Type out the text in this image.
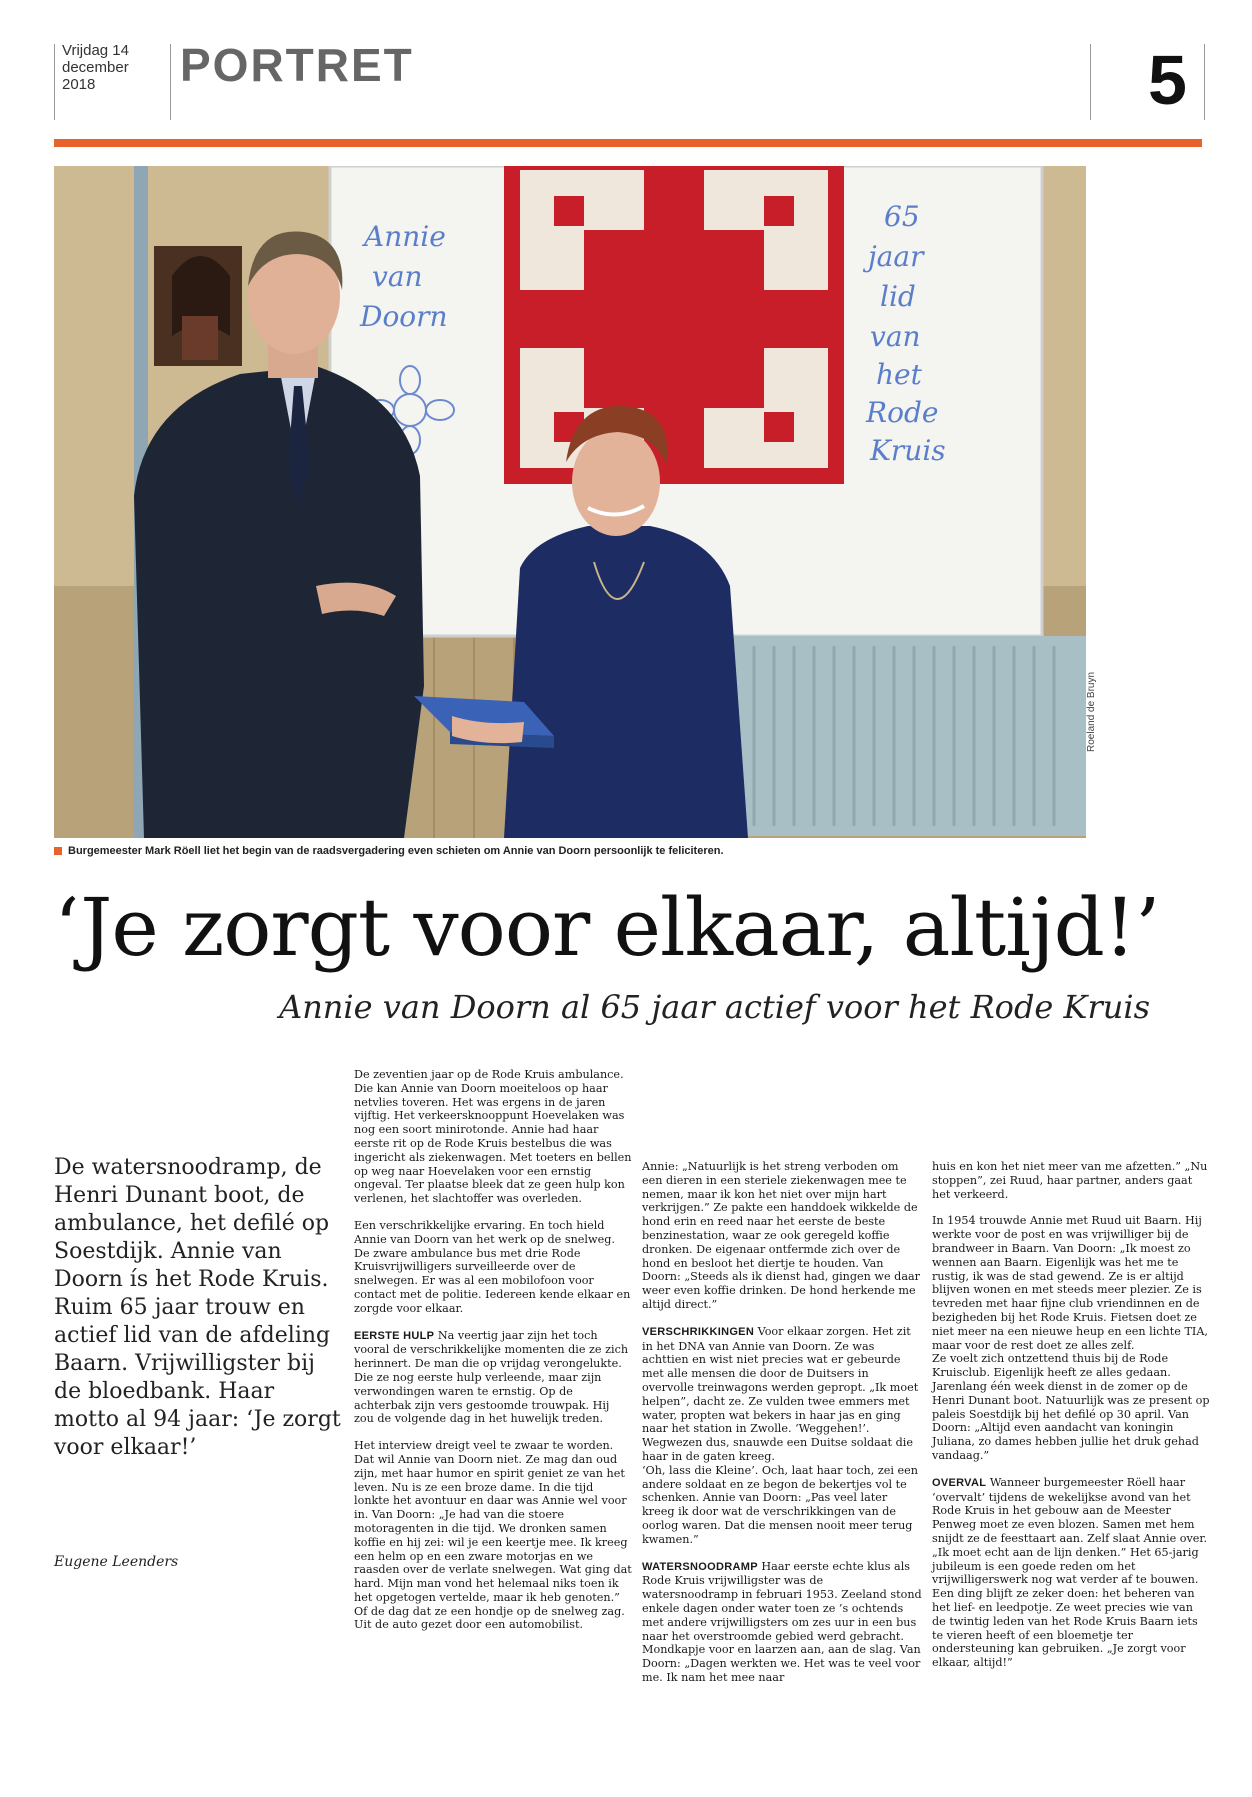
Vrijdag 14
december
2018	PORTRET	5
Annie
van
Doorn
65
jaar
lid
van
het
Rode
Kruis
Roeland de Bruyn
Burgemeester Mark Röell liet het begin van de raadsvergadering even schieten om Annie van Doorn persoonlijk te feliciteren.
‘Je zorgt voor elkaar, altijd!’
Annie van Doorn al 65 jaar actief voor het Rode Kruis
De watersnoodramp, de Henri Dunant boot, de ambulance, het defilé op Soestdijk. Annie van Doorn ís het Rode Kruis. Ruim 65 jaar trouw en actief lid van de afdeling Baarn. Vrijwilligster bij de bloedbank. Haar motto al 94 jaar: ‘Je zorgt voor elkaar!’
Eugene Leenders

De zeventien jaar op de Rode Kruis ambulance. Die kan Annie van Doorn moeiteloos op haar netvlies toveren. Het was ergens in de jaren vijftig. Het verkeersknooppunt Hoevelaken was nog een soort minirotonde. Annie had haar eerste rit op de Rode Kruis bestelbus die was ingericht als ziekenwagen. Met toeters en bellen op weg naar Hoevelaken voor een ernstig ongeval. Ter plaatse bleek dat ze geen hulp kon verlenen, het slachtoffer was overleden.

Een verschrikkelijke ervaring. En toch hield Annie van Doorn van het werk op de snelweg. De zware ambulance bus met drie Rode Kruisvrijwilligers surveilleerde over de snelwegen. Er was al een mobilofoon voor contact met de politie. Iedereen kende elkaar en zorgde voor elkaar.

EERSTE HULP Na veertig jaar zijn het toch vooral de verschrikkelijke momenten die ze zich herinnert. De man die op vrijdag verongelukte. Die ze nog eerste hulp verleende, maar zijn verwondingen waren te ernstig. Op de achterbak zijn vers gestoomde trouwpak. Hij zou de volgende dag in het huwelijk treden.

Het interview dreigt veel te zwaar te worden. Dat wil Annie van Doorn niet. Ze mag dan oud zijn, met haar humor en spirit geniet ze van het leven. Nu is ze een broze dame. In die tijd lonkte het avontuur en daar was Annie wel voor in. Van Doorn: „Je had van die stoere motoragenten in die tijd. We dronken samen koffie en hij zei: wil je een keertje mee. Ik kreeg een helm op en een zware motorjas en we raasden over de verlate snelwegen. Wat ging dat hard. Mijn man vond het helemaal niks toen ik het opgetogen vertelde, maar ik heb genoten.”

Of de dag dat ze een hondje op de snelweg zag. Uit de auto gezet door een automobilist.

Annie: „Natuurlijk is het streng verboden om een dieren in een steriele ziekenwagen mee te nemen, maar ik kon het niet over mijn hart verkrijgen.” Ze pakte een handdoek wikkelde de hond erin en reed naar het eerste de beste benzinestation, waar ze ook geregeld koffie dronken. De eigenaar ontfermde zich over de hond en besloot het diertje te houden. Van Doorn: „Steeds als ik dienst had, gingen we daar weer even koffie drinken. De hond herkende me altijd direct.”

VERSCHRIKKINGEN Voor elkaar zorgen. Het zit in het DNA van Annie van Doorn. Ze was achttien en wist niet precies wat er gebeurde met alle mensen die door de Duitsers in overvolle treinwagons werden gepropt. „Ik moet helpen”, dacht ze. Ze vulden twee emmers met water, propten wat bekers in haar jas en ging naar het station in Zwolle. ‘Weggehen!’. Wegwezen dus, snauwde een Duitse soldaat die haar in de gaten kreeg.

‘Oh, lass die Kleine’. Och, laat haar toch, zei een andere soldaat en ze begon de bekertjes vol te schenken. Annie van Doorn: „Pas veel later kreeg ik door wat de verschrikkingen van de oorlog waren. Dat die mensen nooit meer terug kwamen.”

WATERSNOODRAMP Haar eerste echte klus als Rode Kruis vrijwilligster was de watersnoodramp in februari 1953. Zeeland stond enkele dagen onder water toen ze ’s ochtends met andere vrijwilligsters om zes uur in een bus naar het overstroomde gebied werd gebracht. Mondkapje voor en laarzen aan, aan de slag. Van Doorn: „Dagen werkten we. Het was te veel voor me. Ik nam het mee naar

huis en kon het niet meer van me afzetten.” „Nu stoppen”, zei Ruud, haar partner, anders gaat het verkeerd.

In 1954 trouwde Annie met Ruud uit Baarn. Hij werkte voor de post en was vrijwilliger bij de brandweer in Baarn. Van Doorn: „Ik moest zo wennen aan Baarn. Eigenlijk was het me te rustig, ik was de stad gewend. Ze is er altijd blijven wonen en met steeds meer plezier. Ze is tevreden met haar fijne club vriendinnen en de bezigheden bij het Rode Kruis. Fietsen doet ze niet meer na een nieuwe heup en een lichte TIA, maar voor de rest doet ze alles zelf.

Ze voelt zich ontzettend thuis bij de Rode Kruisclub. Eigenlijk heeft ze alles gedaan. Jarenlang één week dienst in de zomer op de Henri Dunant boot. Natuurlijk was ze present op paleis Soestdijk bij het defilé op 30 april. Van Doorn: „Altijd even aandacht van koningin Juliana, zo dames hebben jullie het druk gehad vandaag.”

OVERVAL Wanneer burgemeester Röell haar ‘overvalt’ tijdens de wekelijkse avond van het Rode Kruis in het gebouw aan de Meester Penweg moet ze even blozen. Samen met hem snijdt ze de feesttaart aan. Zelf slaat Annie over. „Ik moet echt aan de lijn denken.” Het 65-jarig jubileum is een goede reden om het vrijwilligerswerk nog wat verder af te bouwen. Een ding blijft ze zeker doen: het beheren van het lief- en leedpotje. Ze weet precies wie van de twintig leden van het Rode Kruis Baarn iets te vieren heeft of een bloemetje ter ondersteuning kan gebruiken. „Je zorgt voor elkaar, altijd!”
